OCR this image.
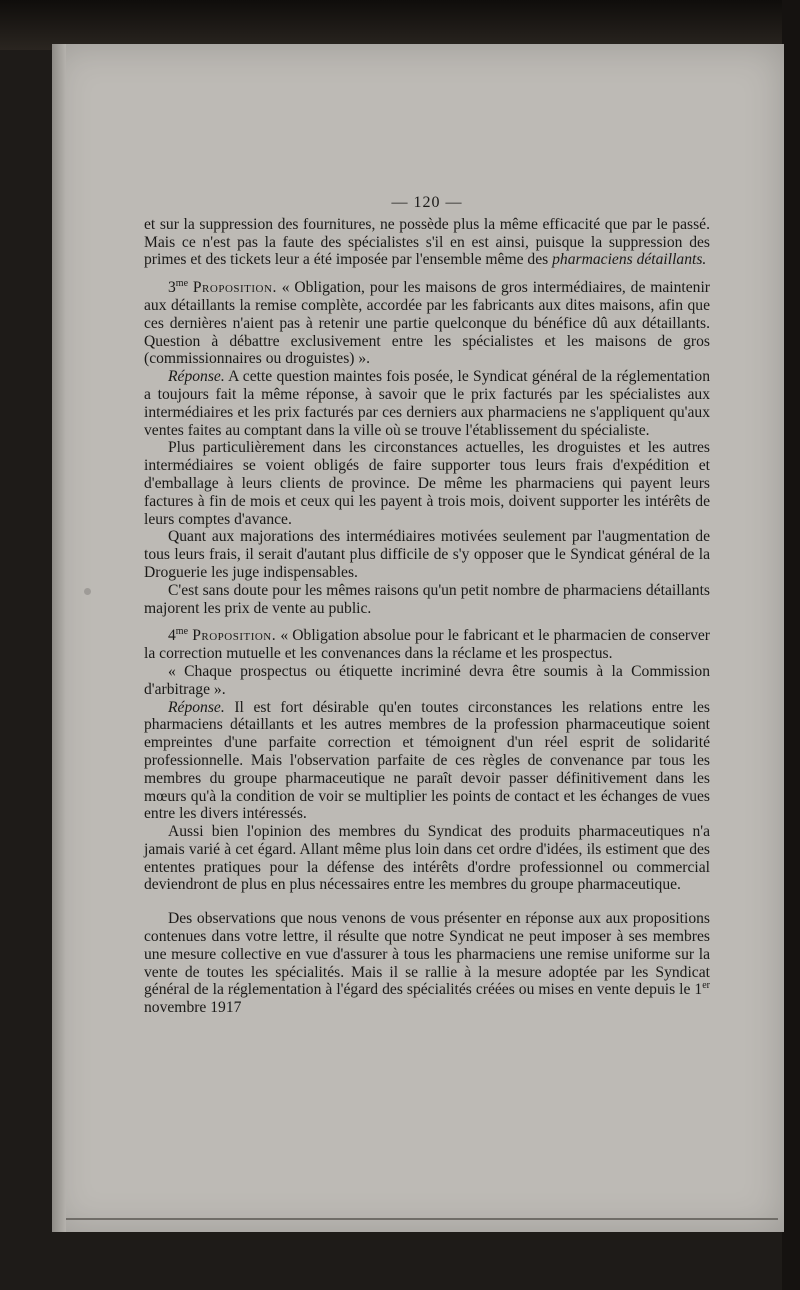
— 120 —

et sur la suppression des fournitures, ne possède plus la même efficacité que par le passé. Mais ce n'est pas la faute des spécialistes s'il en est ainsi, puisque la suppression des primes et des tickets leur a été imposée par l'ensemble même des pharmaciens détaillants.

$3^{me}$ Proposition. « Obligation, pour les maisons de gros intermédiaires, de maintenir aux détaillants la remise complète, accordée par les fabricants aux dites maisons, afin que ces dernières n'aient pas à retenir une partie quelconque du bénéfice dû aux détaillants. Question à débattre exclusivement entre les spécialistes et les maisons de gros (commissionnaires ou droguistes) ».

Réponse. A cette question maintes fois posée, le Syndicat général de la réglementation a toujours fait la même réponse, à savoir que le prix facturés par les spécialistes aux intermédiaires et les prix facturés par ces derniers aux pharmaciens ne s'appliquent qu'aux ventes faites au comptant dans la ville où se trouve l'établissement du spécialiste.

Plus particulièrement dans les circonstances actuelles, les droguistes et les autres intermédiaires se voient obligés de faire supporter tous leurs frais d'expédition et d'emballage à leurs clients de province. De même les pharmaciens qui payent leurs factures à fin de mois et ceux qui les payent à trois mois, doivent supporter les intérêts de leurs comptes d'avance.

Quant aux majorations des intermédiaires motivées seulement par l'augmentation de tous leurs frais, il serait d'autant plus difficile de s'y opposer que le Syndicat général de la Droguerie les juge indispensables.

C'est sans doute pour les mêmes raisons qu'un petit nombre de pharmaciens détaillants majorent les prix de vente au public.

$4^{me}$ Proposition. « Obligation absolue pour le fabricant et le pharmacien de conserver la correction mutuelle et les convenances dans la réclame et les prospectus.

« Chaque prospectus ou étiquette incriminé devra être soumis à la Commission d'arbitrage ».

Réponse. Il est fort désirable qu'en toutes circonstances les relations entre les pharmaciens détaillants et les autres membres de la profession pharmaceutique soient empreintes d'une parfaite correction et témoignent d'un réel esprit de solidarité professionnelle. Mais l'observation parfaite de ces règles de convenance par tous les membres du groupe pharmaceutique ne paraît devoir passer définitivement dans les mœurs qu'à la condition de voir se multiplier les points de contact et les échanges de vues entre les divers intéressés.

Aussi bien l'opinion des membres du Syndicat des produits pharmaceutiques n'a jamais varié à cet égard. Allant même plus loin dans cet ordre d'idées, ils estiment que des ententes pratiques pour la défense des intérêts d'ordre professionnel ou commercial deviendront de plus en plus nécessaires entre les membres du groupe pharmaceutique.

Des observations que nous venons de vous présenter en réponse aux aux propositions contenues dans votre lettre, il résulte que notre Syndicat ne peut imposer à ses membres une mesure collective en vue d'assurer à tous les pharmaciens une remise uniforme sur la vente de toutes les spécialités. Mais il se rallie à la mesure adoptée par les Syndicat général de la réglementation à l'égard des spécialités créées ou mises en vente depuis le 1er novembre 1917
